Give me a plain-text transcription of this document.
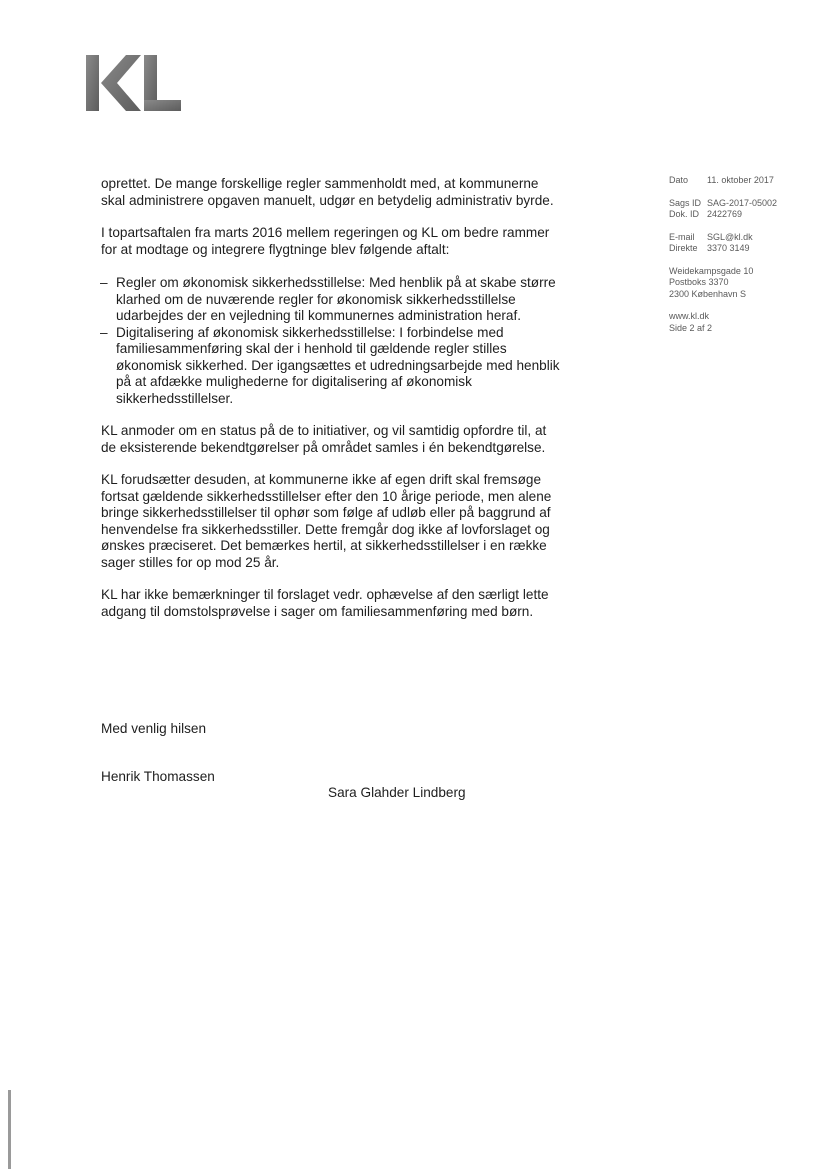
oprettet. De mange forskellige regler sammenholdt med, at kommunerne skal administrere opgaven manuelt, udgør en betydelig administrativ byrde.

I topartsaftalen fra marts 2016 mellem regeringen og KL om bedre rammer for at modtage og integrere flygtninge blev følgende aftalt:

– Regler om økonomisk sikkerhedsstillelse: Med henblik på at skabe større klarhed om de nuværende regler for økonomisk sikkerhedsstillelse udarbejdes der en vejledning til kommunernes administration heraf.
– Digitalisering af økonomisk sikkerhedsstillelse: I forbindelse med familiesammenføring skal der i henhold til gældende regler stilles økonomisk sikkerhed. Der igangsættes et udredningsarbejde med henblik på at afdække mulighederne for digitalisering af økonomisk sikkerhedsstillelser.

KL anmoder om en status på de to initiativer, og vil samtidig opfordre til, at de eksisterende bekendtgørelser på området samles i én bekendtgørelse.

KL forudsætter desuden, at kommunerne ikke af egen drift skal fremsøge fortsat gældende sikkerhedsstillelser efter den 10 årige periode, men alene bringe sikkerhedsstillelser til ophør som følge af udløb eller på baggrund af henvendelse fra sikkerhedsstiller. Dette fremgår dog ikke af lovforslaget og ønskes præciseret. Det bemærkes hertil, at sikkerhedsstillelser i en række sager stilles for op mod 25 år.

KL har ikke bemærkninger til forslaget vedr. ophævelse af den særligt lette adgang til domstolsprøvelse i sager om familiesammenføring med børn.

Med venlig hilsen
Henrik Thomassen
Sara Glahder Lindberg
Dato	11. oktober 2017
Sags ID SAG-2017-05002
Dok. ID 2422769
E-mail	SGL@kl.dk
Direkte	3370 3149
Weidekampsgade 10
Postboks 3370
2300 København S
www.kl.dk
Side 2 af 2
